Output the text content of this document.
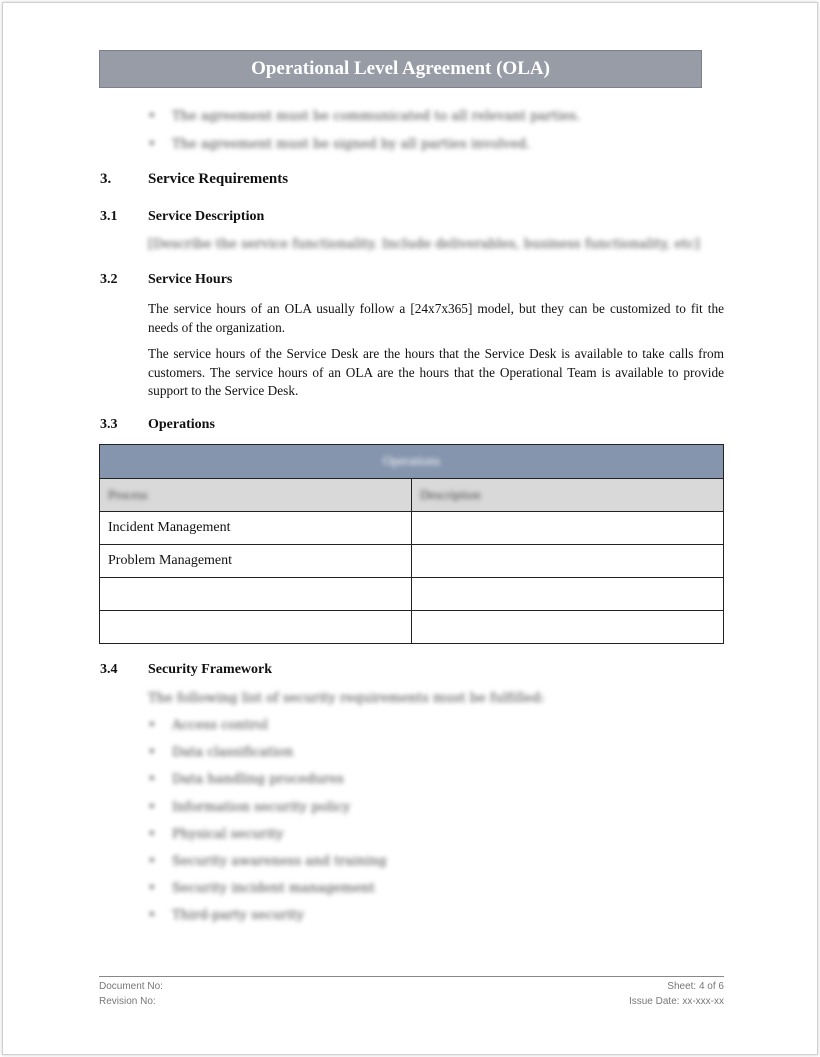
Operational Level Agreement (OLA)
• The agreement must be communicated to all relevant parties.
• The agreement must be signed by all parties involved.
3. Service Requirements
3.1 Service Description
[Describe the service functionality. Include deliverables, business functionality, etc]
3.2 Service Hours

The service hours of an OLA usually follow a [24x7x365] model, but they can be customized to fit the needs of the organization.

The service hours of the Service Desk are the hours that the Service Desk is available to take calls from customers. The service hours of an OLA are the hours that the Operational Team is available to provide support to the Service Desk.

3.3 Operations
Operations	
Process	Description
Incident Management	
Problem Management	

3.4 Security Framework
The following list of security requirements must be fulfilled:
• Access control
• Data classification
• Data handling procedures
• Information security policy
• Physical security
• Security awareness and training
• Security incident management
• Third-party security
Document No:	Sheet: 4 of 6
Revision No:	Issue Date: xx-xxx-xx
